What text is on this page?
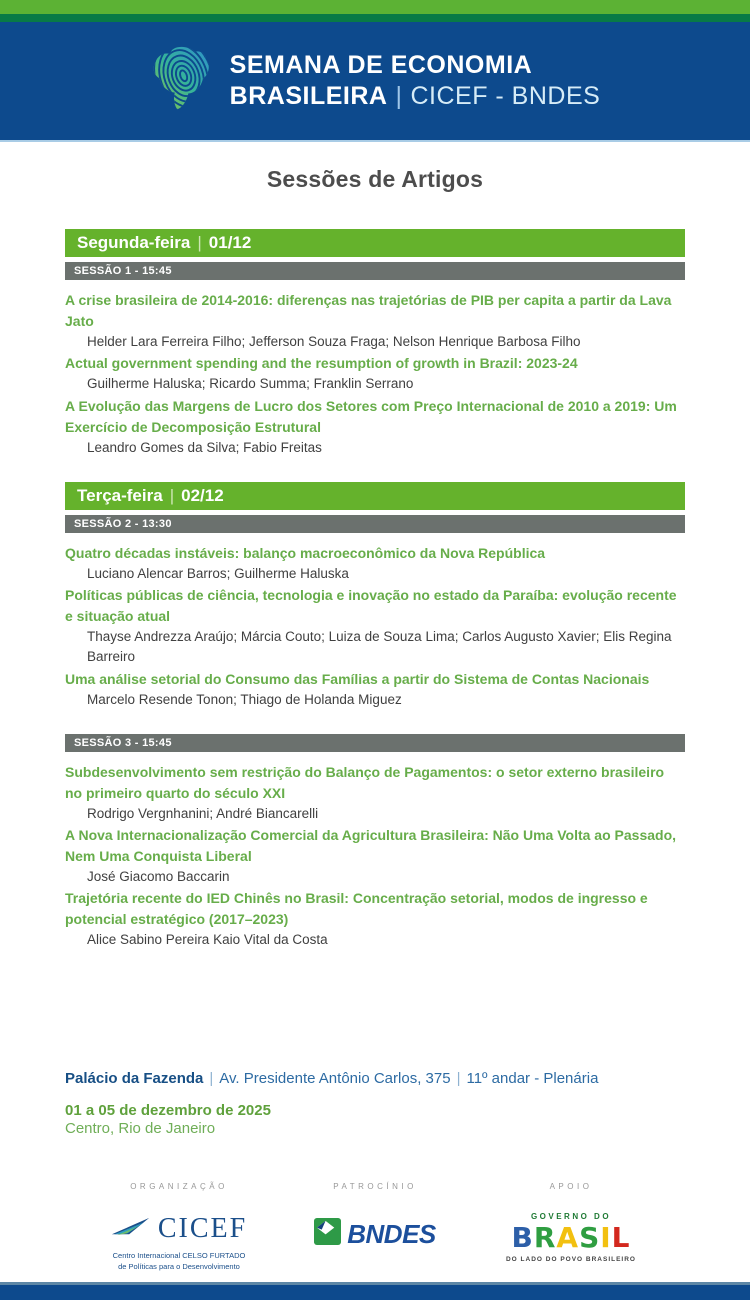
SEMANA DE ECONOMIA
BRASILEIRA | CICEF - BNDES
Sessões de Artigos
Segunda-feira | 01/12
SESSÃO 1 - 15:45
A crise brasileira de 2014-2016: diferenças nas trajetórias de PIB per capita a partir da Lava Jato
Helder Lara Ferreira Filho; Jefferson Souza Fraga; Nelson Henrique Barbosa Filho
Actual government spending and the resumption of growth in Brazil: 2023-24
Guilherme Haluska; Ricardo Summa; Franklin Serrano
A Evolução das Margens de Lucro dos Setores com Preço Internacional de 2010 a 2019: Um Exercício de Decomposição Estrutural
Leandro Gomes da Silva; Fabio Freitas
Terça-feira | 02/12
SESSÃO 2 - 13:30
Quatro décadas instáveis: balanço macroeconômico da Nova República
Luciano Alencar Barros; Guilherme Haluska
Políticas públicas de ciência, tecnologia e inovação no estado da Paraíba: evolução recente e situação atual
Thayse Andrezza Araújo; Márcia Couto; Luiza de Souza Lima; Carlos Augusto Xavier; Elis Regina Barreiro
Uma análise setorial do Consumo das Famílias a partir do Sistema de Contas Nacionais
Marcelo Resende Tonon; Thiago de Holanda Miguez
SESSÃO 3 - 15:45
Subdesenvolvimento sem restrição do Balanço de Pagamentos: o setor externo brasileiro no primeiro quarto do século XXI
Rodrigo Vergnhanini; André Biancarelli
A Nova Internacionalização Comercial da Agricultura Brasileira: Não Uma Volta ao Passado, Nem Uma Conquista Liberal
José Giacomo Baccarin
Trajetória recente do IED Chinês no Brasil: Concentração setorial, modos de ingresso e potencial estratégico (2017–2023)
Alice Sabino Pereira Kaio Vital da Costa
Palácio da Fazenda | Av. Presidente Antônio Carlos, 375 | 11º andar - Plenária
01 a 05 de dezembro de 2025
Centro, Rio de Janeiro
ORGANIZAÇÃO
CICEF
Centro Internacional CELSO FURTADO
de Políticas para o Desenvolvimento
PATROCÍNIO
BNDES
APOIO
GOVERNO DO
BRASIL
DO LADO DO POVO BRASILEIRO
